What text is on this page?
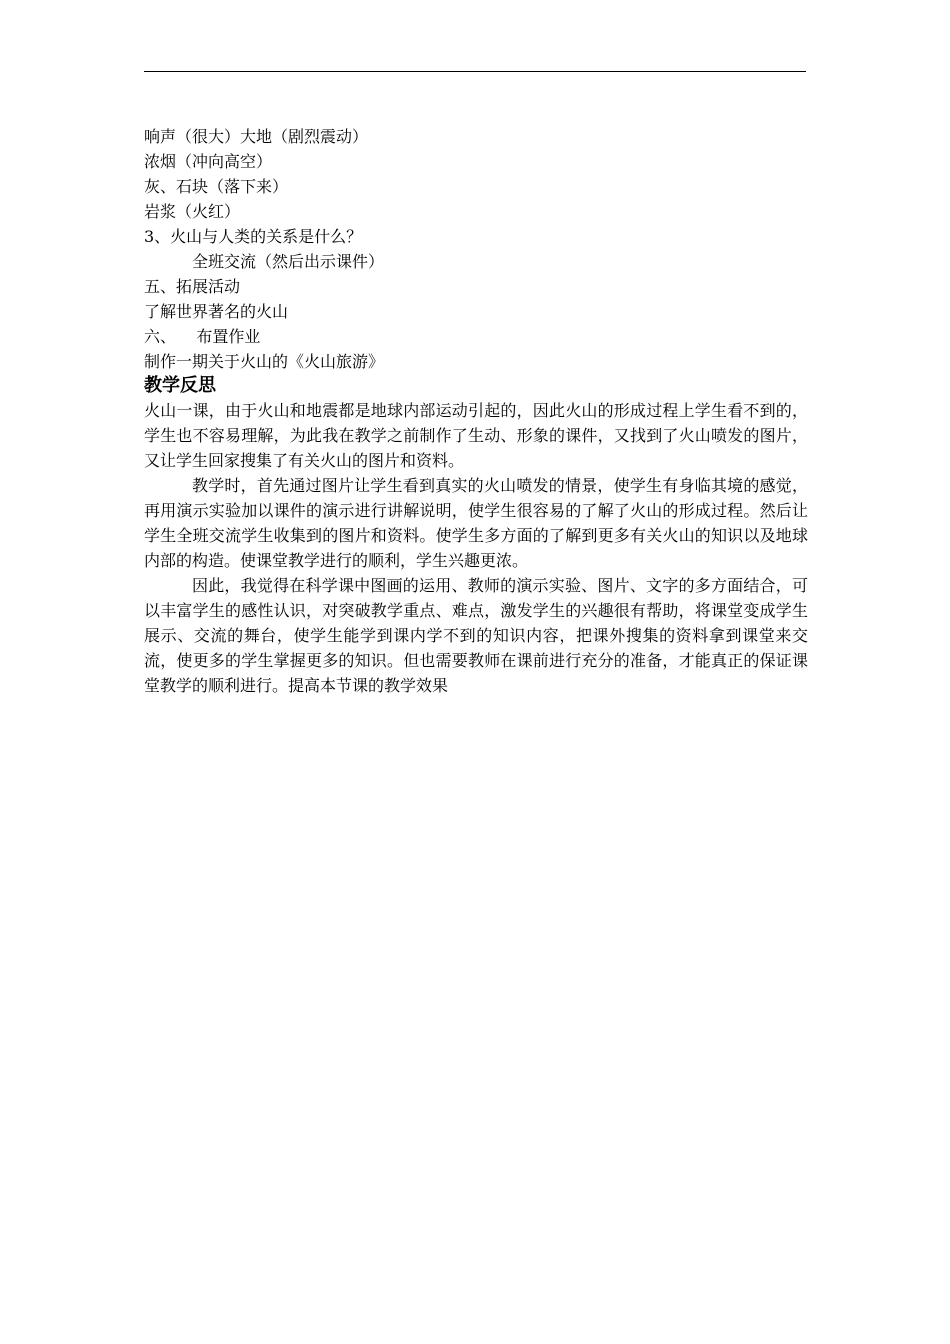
响声（很大）大地（剧烈震动）
浓烟（冲向高空）
灰、石块（落下来）
岩浆（火红）
3、火山与人类的关系是什么？
全班交流（然后出示课件）
五、拓展活动
了解世界著名的火山
六、    布置作业
制作一期关于火山的《火山旅游》
教学反思

火山一课，由于火山和地震都是地球内部运动引起的，因此火山的形成过程上学生看不到的，学生也不容易理解，为此我在教学之前制作了生动、形象的课件，又找到了火山喷发的图片，又让学生回家搜集了有关火山的图片和资料。

教学时，首先通过图片让学生看到真实的火山喷发的情景，使学生有身临其境的感觉，再用演示实验加以课件的演示进行讲解说明，使学生很容易的了解了火山的形成过程。然后让学生全班交流学生收集到的图片和资料。使学生多方面的了解到更多有关火山的知识以及地球内部的构造。使课堂教学进行的顺利，学生兴趣更浓。

因此，我觉得在科学课中图画的运用、教师的演示实验、图片、文字的多方面结合，可以丰富学生的感性认识，对突破教学重点、难点，激发学生的兴趣很有帮助，将课堂变成学生展示、交流的舞台，使学生能学到课内学不到的知识内容，把课外搜集的资料拿到课堂来交流，使更多的学生掌握更多的知识。但也需要教师在课前进行充分的准备，才能真正的保证课堂教学的顺利进行。提高本节课的教学效果
